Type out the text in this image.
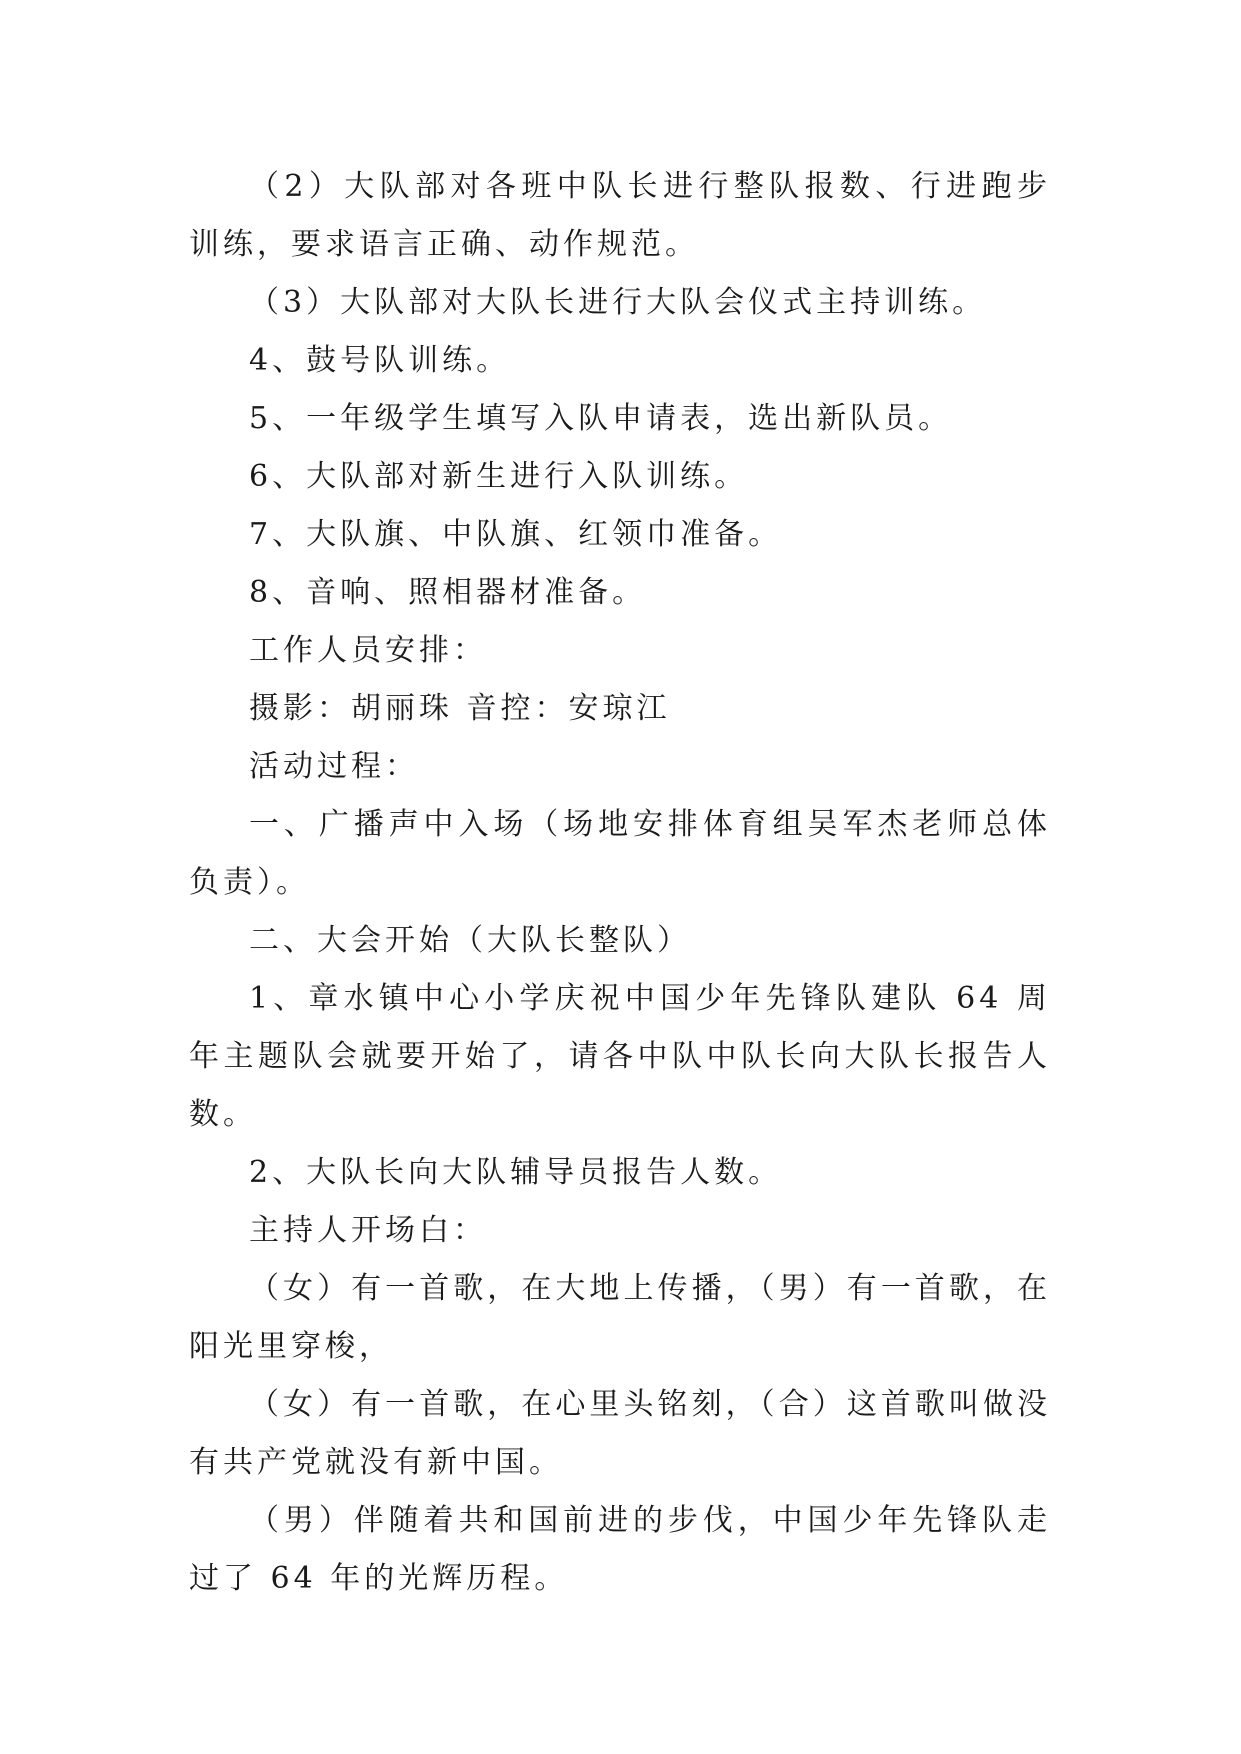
（2）大队部对各班中队长进行整队报数、行进跑步训练，要求语言正确、动作规范。

（3）大队部对大队长进行大队会仪式主持训练。

4、鼓号队训练。

5、一年级学生填写入队申请表，选出新队员。

6、大队部对新生进行入队训练。

7、大队旗、中队旗、红领巾准备。

8、音响、照相器材准备。

工作人员安排：

摄影：胡丽珠 音控：安琼江

活动过程：

一、广播声中入场（场地安排体育组吴军杰老师总体负责）。

二、大会开始（大队长整队）

1、章水镇中心小学庆祝中国少年先锋队建队 64 周年主题队会就要开始了，请各中队中队长向大队长报告人数。

2、大队长向大队辅导员报告人数。

主持人开场白：

（女）有一首歌，在大地上传播，（男）有一首歌，在阳光里穿梭，

（女）有一首歌，在心里头铭刻，（合）这首歌叫做没有共产党就没有新中国。

（男）伴随着共和国前进的步伐，中国少年先锋队走过了 64 年的光辉历程。
